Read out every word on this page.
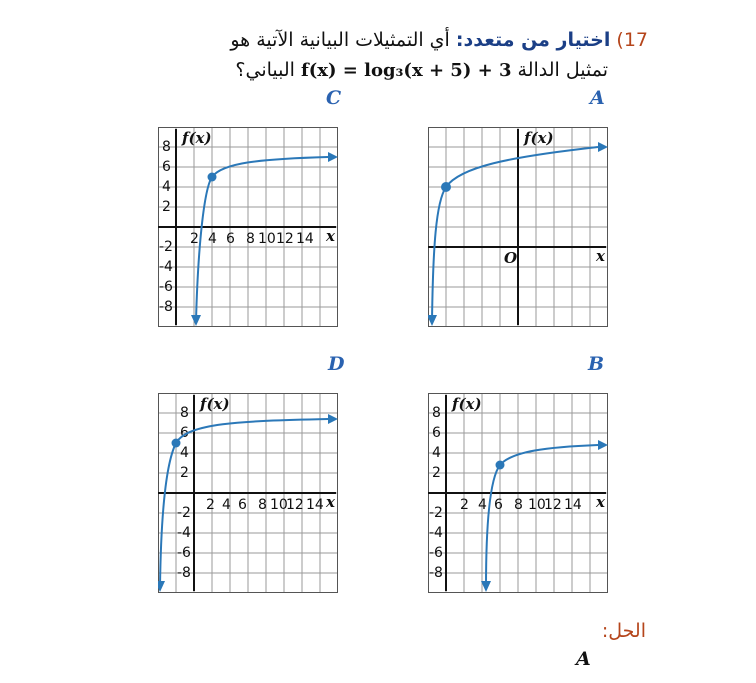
17) اختيار من متعدد: أي التمثيلات البيانية الآتية هو
تمثيل الدالة f(x) = log₃(x + 5) + 3 البياني؟
C	A
D	B
f(x)
x
8
6
4
2
-2
-4
-6
-8
2 4 6 8 10 12 14
f(x)
x
O
f(x)
x
8
6
4
2
-2
-4
-6
-8
2 4 6 8 10
12 14
f(x)
x
8
6
4
2
-2
-4
-6
-8
2 4 6 8 10
12 14
الحل:
A
